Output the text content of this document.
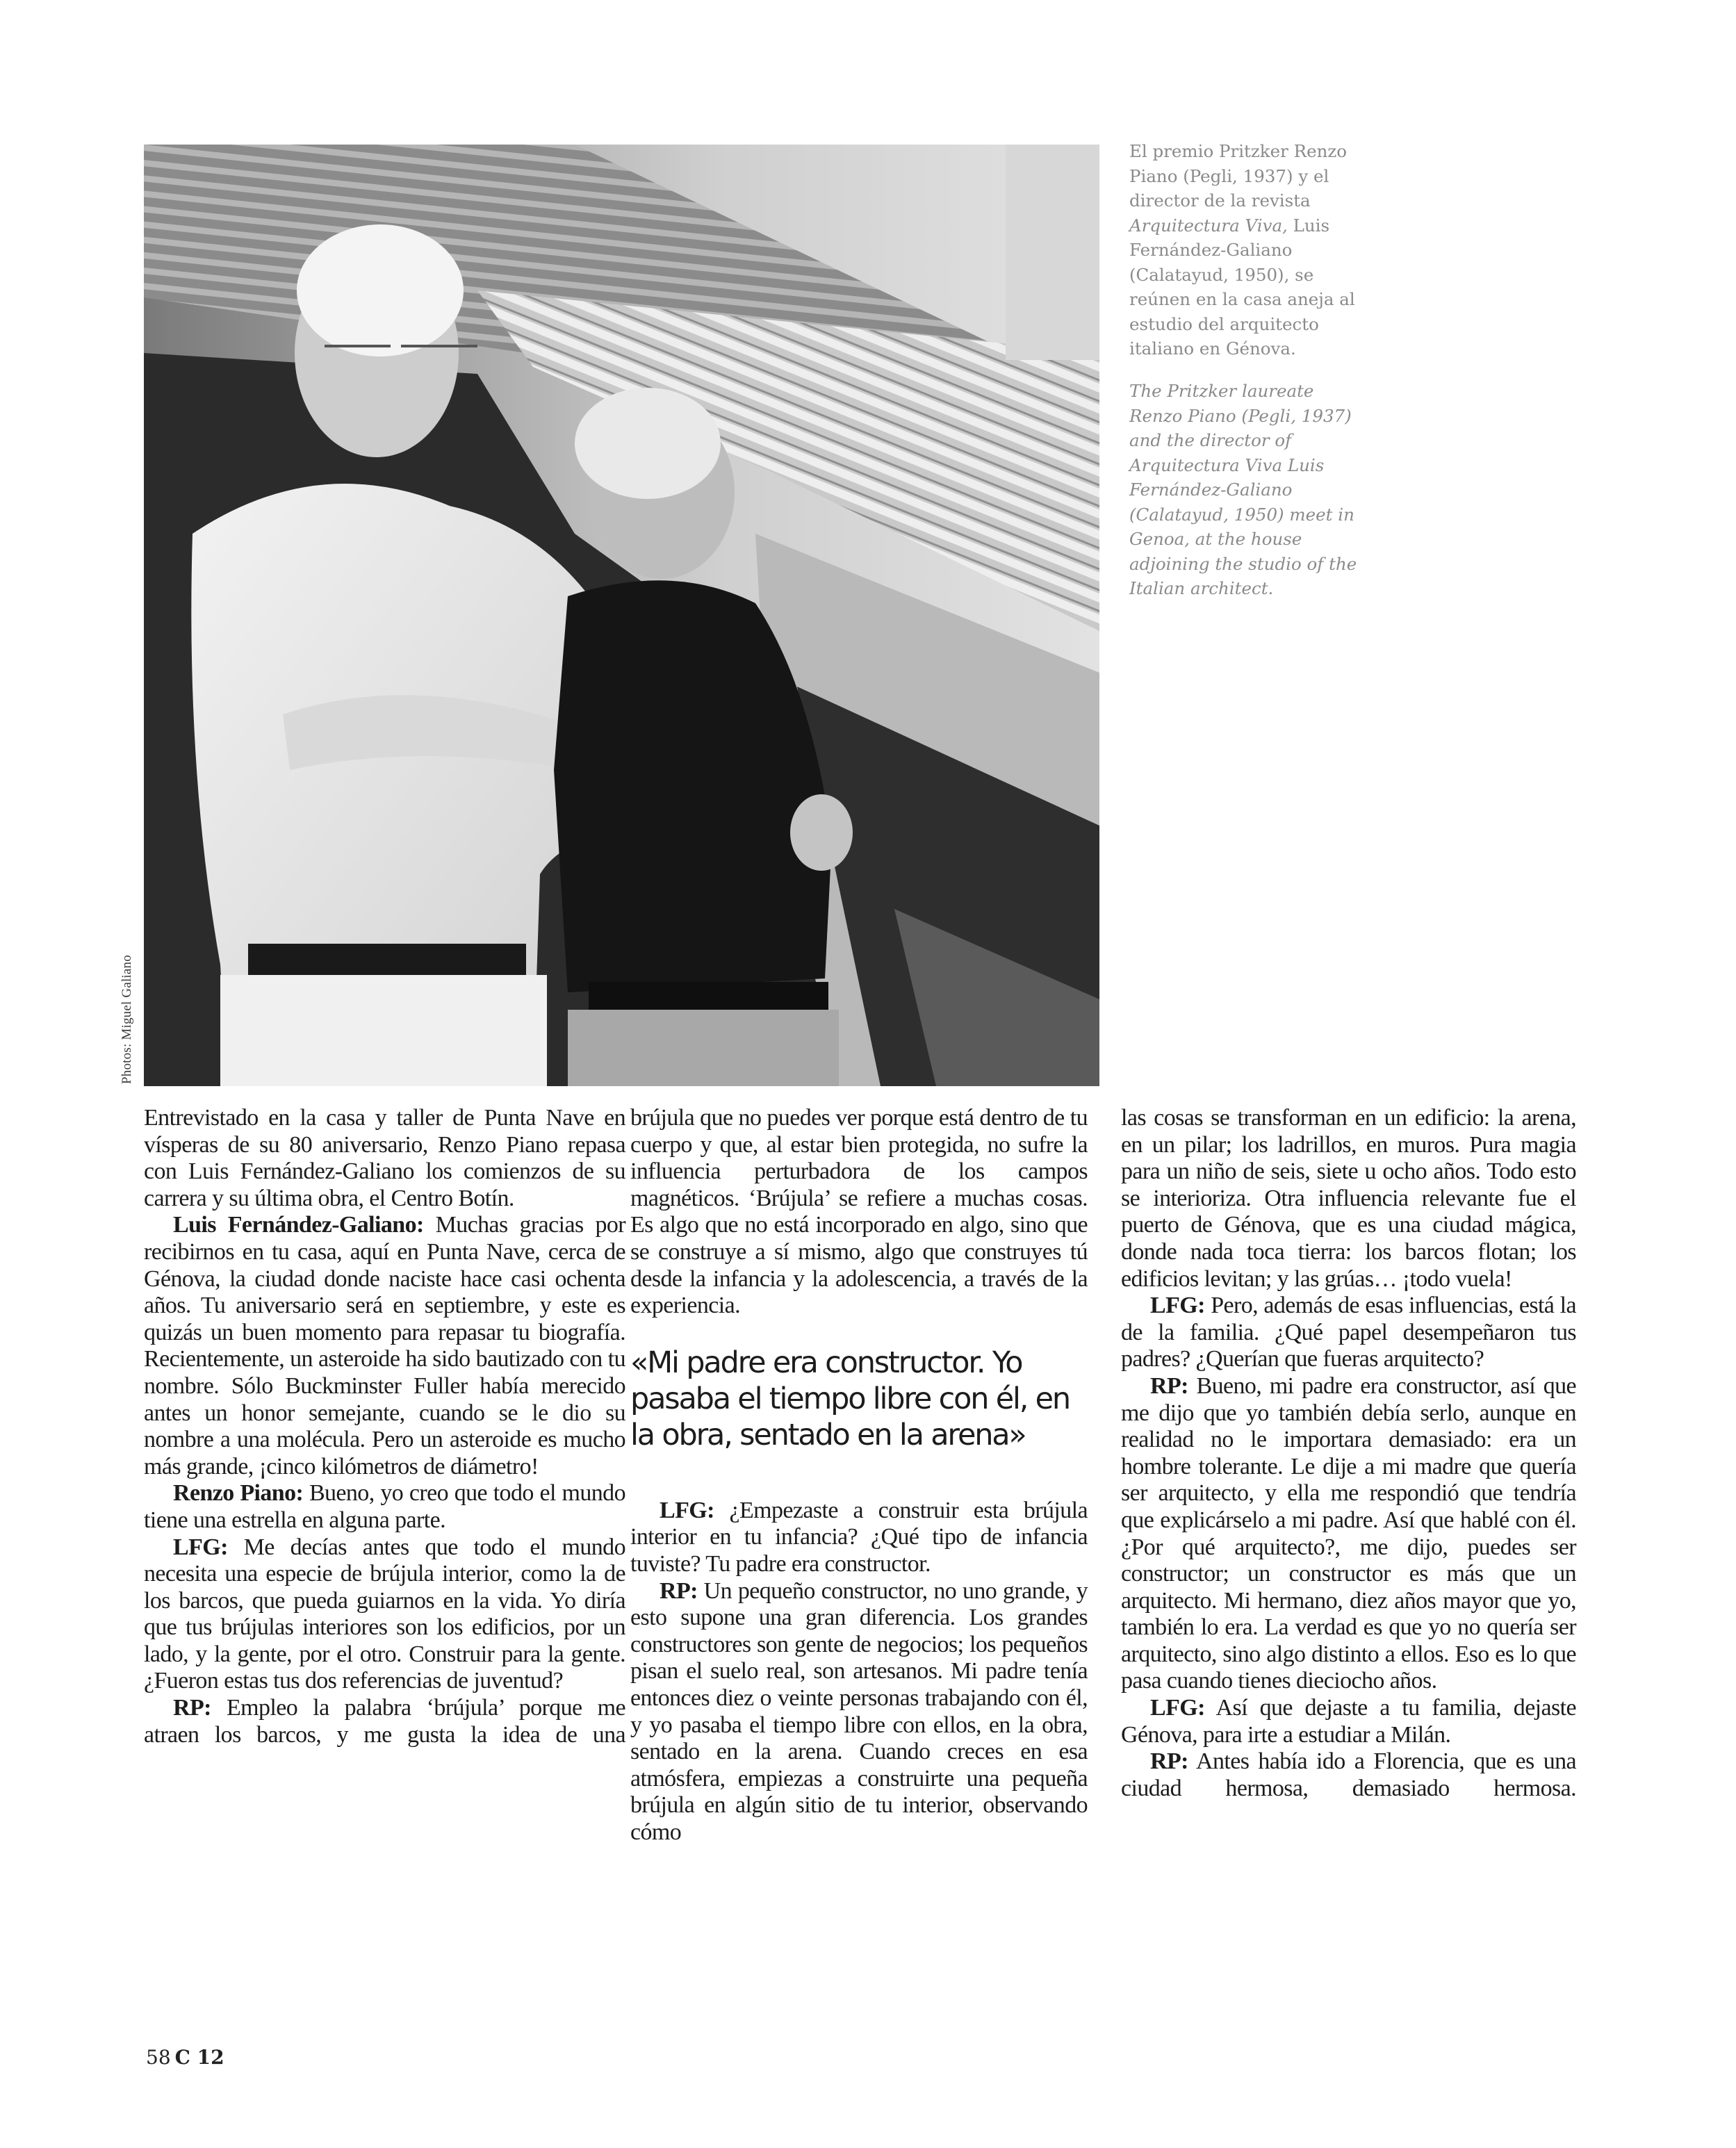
Photos: Miguel Galiano
El premio Pritzker Renzo Piano (Pegli, 1937) y el director de la revista Arquitectura Viva, Luis Fernández-Galiano (Calatayud, 1950), se reúnen en la casa aneja al estudio del arquitecto italiano en Génova.
The Pritzker laureate Renzo Piano (Pegli, 1937) and the director of Arquitectura Viva Luis Fernández-Galiano (Calatayud, 1950) meet in Genoa, at the house adjoining the studio of the Italian architect.

Entrevistado en la casa y taller de Punta Nave en vísperas de su 80 aniversario, Renzo Piano repasa con Luis Fernández-Galiano los comienzos de su carrera y su última obra, el Centro Botín.

Luis Fernández-Galiano: Muchas gracias por recibirnos en tu casa, aquí en Punta Nave, cerca de Génova, la ciudad donde naciste hace casi ochenta años. Tu aniversario será en septiembre, y este es quizás un buen momento para repasar tu biografía. Recientemente, un asteroide ha sido bautizado con tu nombre. Sólo Buckminster Fuller había merecido antes un honor semejante, cuando se le dio su nombre a una molécula. Pero un asteroide es mucho más grande, ¡cinco kilómetros de diámetro!

Renzo Piano: Bueno, yo creo que todo el mundo tiene una estrella en alguna parte.

LFG: Me decías antes que todo el mundo necesita una especie de brújula interior, como la de los barcos, que pueda guiarnos en la vida. Yo diría que tus brújulas interiores son los edificios, por un lado, y la gente, por el otro. Construir para la gente. ¿Fueron estas tus dos referencias de juventud?

RP: Empleo la palabra ‘brújula’ porque me atraen los barcos, y me gusta la idea de una

brújula que no puedes ver porque está dentro de tu cuerpo y que, al estar bien protegida, no sufre la influencia perturbadora de los campos magnéticos. ‘Brújula’ se refiere a muchas cosas. Es algo que no está incorporado en algo, sino que se construye a sí mismo, algo que construyes tú desde la infancia y la adolescencia, a través de la experiencia.

«Mi padre era constructor. Yo pasaba el tiempo libre con él, en la obra, sentado en la arena»

LFG: ¿Empezaste a construir esta brújula interior en tu infancia? ¿Qué tipo de infancia tuviste? Tu padre era constructor.

RP: Un pequeño constructor, no uno grande, y esto supone una gran diferencia. Los grandes constructores son gente de negocios; los pequeños pisan el suelo real, son artesanos. Mi padre tenía entonces diez o veinte personas trabajando con él, y yo pasaba el tiempo libre con ellos, en la obra, sentado en la arena. Cuando creces en esa atmósfera, empiezas a construirte una pequeña brújula en algún sitio de tu interior, observando cómo

las cosas se transforman en un edificio: la arena, en un pilar; los ladrillos, en muros. Pura magia para un niño de seis, siete u ocho años. Todo esto se interioriza. Otra influencia relevante fue el puerto de Génova, que es una ciudad mágica, donde nada toca tierra: los barcos flotan; los edificios levitan; y las grúas… ¡todo vuela!

LFG: Pero, además de esas influencias, está la de la familia. ¿Qué papel desempeñaron tus padres? ¿Querían que fueras arquitecto?

RP: Bueno, mi padre era constructor, así que me dijo que yo también debía serlo, aunque en realidad no le importara demasiado: era un hombre tolerante. Le dije a mi madre que quería ser arquitecto, y ella me respondió que tendría que explicárselo a mi padre. Así que hablé con él. ¿Por qué arquitecto?, me dijo, puedes ser constructor; un constructor es más que un arquitecto. Mi hermano, diez años mayor que yo, también lo era. La verdad es que yo no quería ser arquitecto, sino algo distinto a ellos. Eso es lo que pasa cuando tienes dieciocho años.

LFG: Así que dejaste a tu familia, dejaste Génova, para irte a estudiar a Milán.

RP: Antes había ido a Florencia, que es una ciudad hermosa, demasiado hermosa.

58 C 12
